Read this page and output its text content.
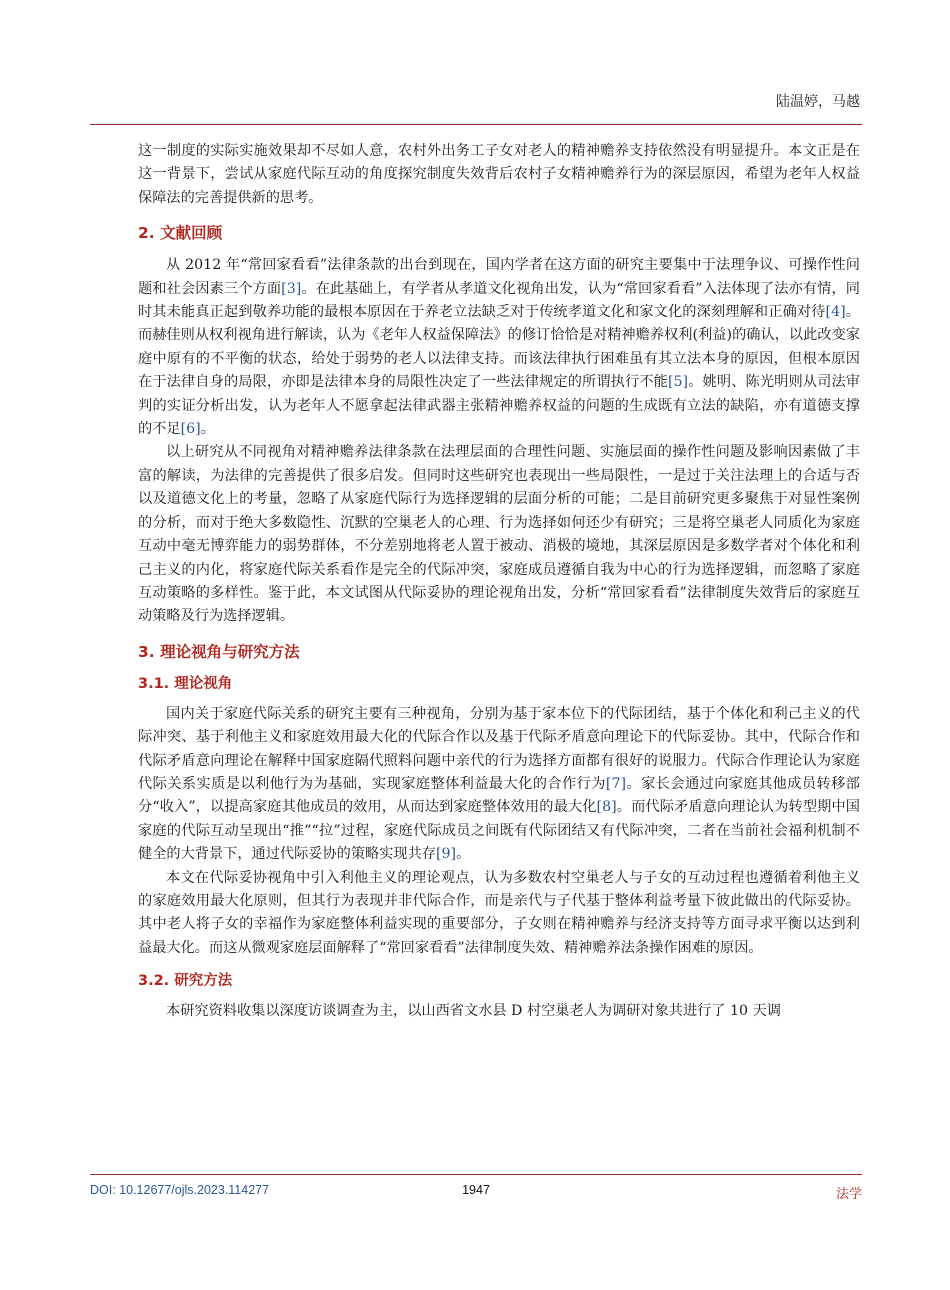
陆温婷，马越

这一制度的实际实施效果却不尽如人意，农村外出务工子女对老人的精神赡养支持依然没有明显提升。本文正是在这一背景下，尝试从家庭代际互动的角度探究制度失效背后农村子女精神赡养行为的深层原因，希望为老年人权益保障法的完善提供新的思考。

2. 文献回顾

从 2012 年“常回家看看”法律条款的出台到现在，国内学者在这方面的研究主要集中于法理争议、可操作性问题和社会因素三个方面[3]。在此基础上，有学者从孝道文化视角出发，认为“常回家看看”入法体现了法亦有情，同时其未能真正起到敬养功能的最根本原因在于养老立法缺乏对于传统孝道文化和家文化的深刻理解和正确对待[4]。而赫佳则从权利视角进行解读，认为《老年人权益保障法》的修订恰恰是对精神赡养权利(利益)的确认，以此改变家庭中原有的不平衡的状态，给处于弱势的老人以法律支持。而该法律执行困难虽有其立法本身的原因，但根本原因在于法律自身的局限，亦即是法律本身的局限性决定了一些法律规定的所谓执行不能[5]。姚明、陈光明则从司法审判的实证分析出发，认为老年人不愿拿起法律武器主张精神赡养权益的问题的生成既有立法的缺陷，亦有道德支撑的不足[6]。

以上研究从不同视角对精神赡养法律条款在法理层面的合理性问题、实施层面的操作性问题及影响因素做了丰富的解读，为法律的完善提供了很多启发。但同时这些研究也表现出一些局限性，一是过于关注法理上的合适与否以及道德文化上的考量，忽略了从家庭代际行为选择逻辑的层面分析的可能；二是目前研究更多聚焦于对显性案例的分析，而对于绝大多数隐性、沉默的空巢老人的心理、行为选择如何还少有研究；三是将空巢老人同质化为家庭互动中毫无博弈能力的弱势群体，不分差别地将老人置于被动、消极的境地，其深层原因是多数学者对个体化和利己主义的内化，将家庭代际关系看作是完全的代际冲突，家庭成员遵循自我为中心的行为选择逻辑，而忽略了家庭互动策略的多样性。鉴于此，本文试图从代际妥协的理论视角出发，分析“常回家看看”法律制度失效背后的家庭互动策略及行为选择逻辑。

3. 理论视角与研究方法
3.1. 理论视角

国内关于家庭代际关系的研究主要有三种视角，分别为基于家本位下的代际团结，基于个体化和利己主义的代际冲突、基于利他主义和家庭效用最大化的代际合作以及基于代际矛盾意向理论下的代际妥协。其中，代际合作和代际矛盾意向理论在解释中国家庭隔代照料问题中亲代的行为选择方面都有很好的说服力。代际合作理论认为家庭代际关系实质是以利他行为为基础，实现家庭整体利益最大化的合作行为[7]。家长会通过向家庭其他成员转移部分“收入”，以提高家庭其他成员的效用，从而达到家庭整体效用的最大化[8]。而代际矛盾意向理论认为转型期中国家庭的代际互动呈现出“推”“拉”过程，家庭代际成员之间既有代际团结又有代际冲突，二者在当前社会福利机制不健全的大背景下，通过代际妥协的策略实现共存[9]。

本文在代际妥协视角中引入利他主义的理论观点，认为多数农村空巢老人与子女的互动过程也遵循着利他主义的家庭效用最大化原则，但其行为表现并非代际合作，而是亲代与子代基于整体利益考量下彼此做出的代际妥协。其中老人将子女的幸福作为家庭整体利益实现的重要部分，子女则在精神赡养与经济支持等方面寻求平衡以达到利益最大化。而这从微观家庭层面解释了“常回家看看”法律制度失效、精神赡养法条操作困难的原因。

3.2. 研究方法

本研究资料收集以深度访谈调查为主，以山西省文水县 D 村空巢老人为调研对象共进行了 10 天调

DOI: 10.12677/ojls.2023.114277	1947	法学
